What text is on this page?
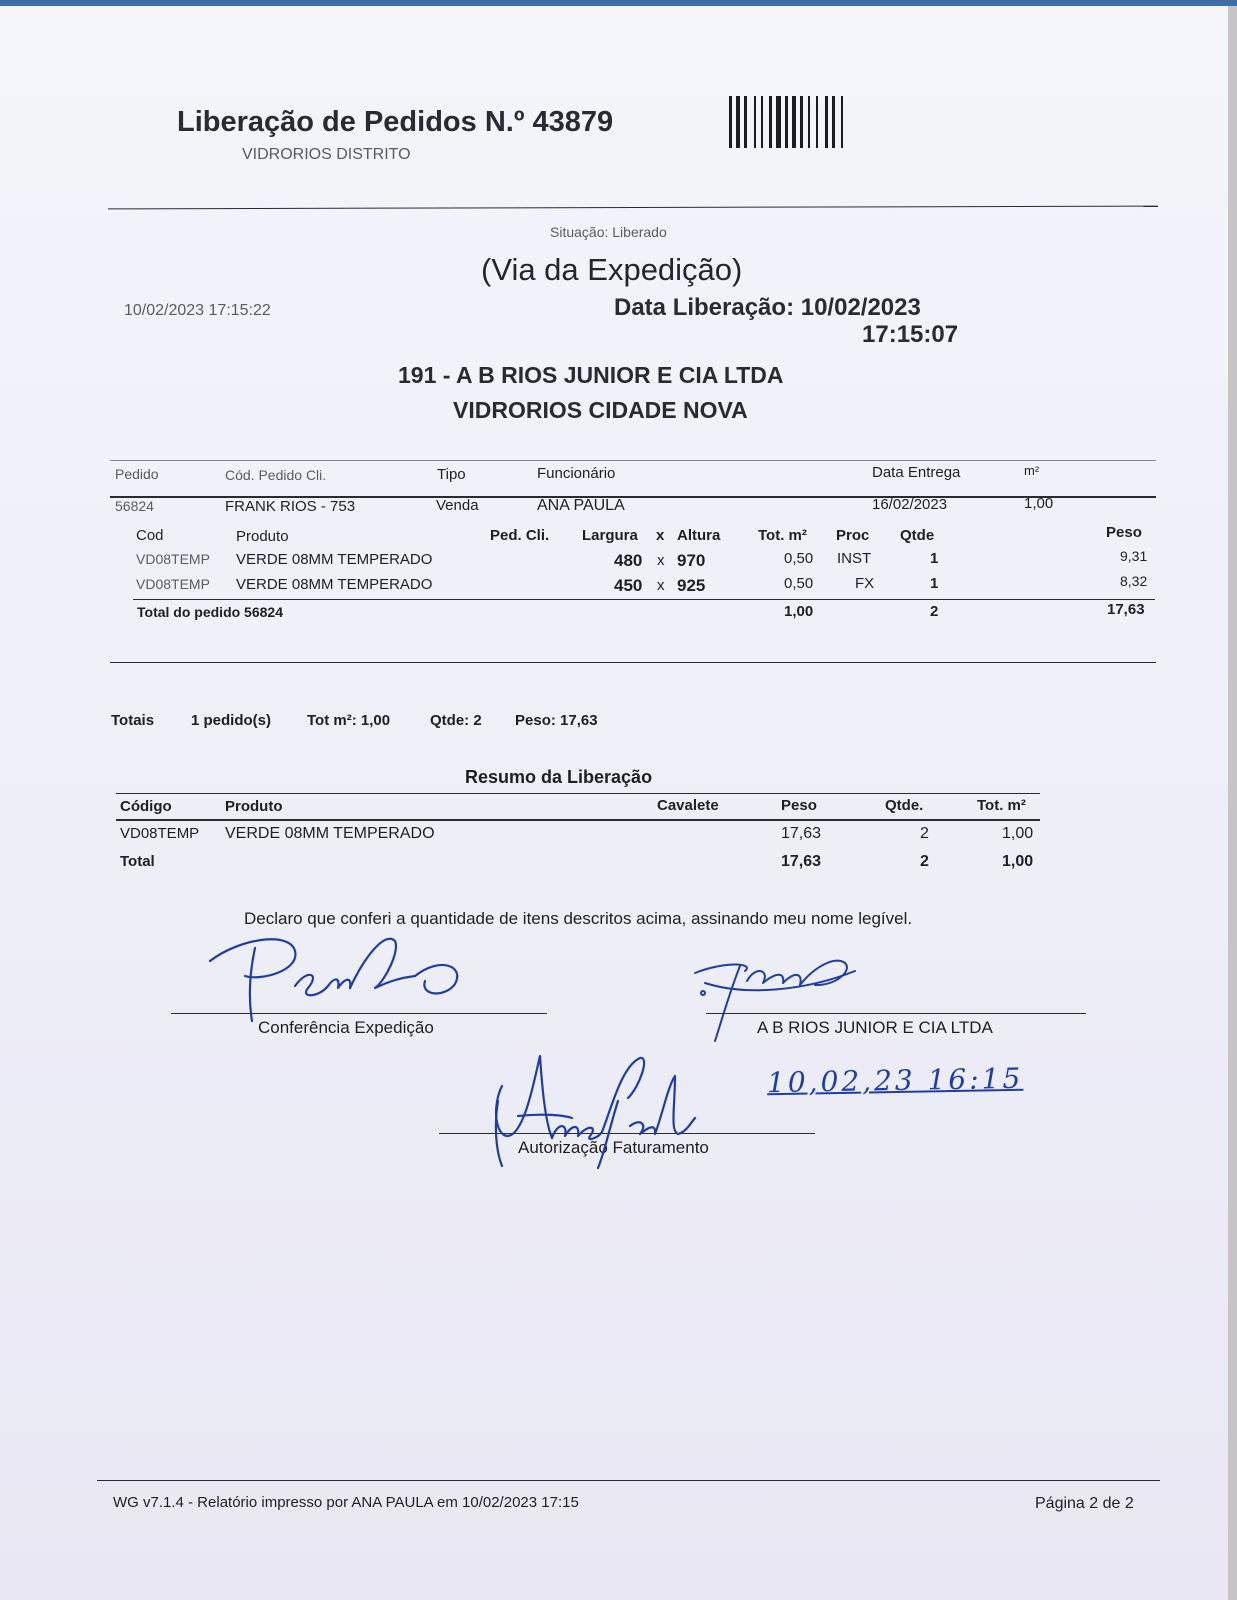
Liberação de Pedidos N.º 43879
VIDRORIOS DISTRITO
Situação: Liberado
(Via da Expedição)
10/02/2023 17:15:22	Data Liberação: 10/02/2023
17:15:07
191 - A B RIOS JUNIOR E CIA LTDA
VIDRORIOS CIDADE NOVA
Pedido	Cód. Pedido Cli.	Tipo	Funcionário	Data Entrega	m²
56824	FRANK RIOS - 753	Venda	ANA PAULA	16/02/2023	1,00
Cod	Produto	Ped. Cli. Largura x Altura	Tot. m² Proc Qtde	Peso
VD08TEMP VERDE 08MM TEMPERADO	480 x 970	0,50 INST	1	9,31
VD08TEMP VERDE 08MM TEMPERADO	450 x 925	0,50	FX	1	8,32
Total do pedido 56824	1,00	2	17,63
Totais 1 pedido(s) Tot m²: 1,00	Qtde: 2 Peso: 17,63
Resumo da Liberação
Código	Produto	Cavalete	Peso	Qtde.	Tot. m²
VD08TEMP VERDE 08MM TEMPERADO	17,63	2	1,00
Total	17,63	2	1,00
Declaro que conferi a quantidade de itens descritos acima, assinando meu nome legível.
Conferência Expedição	A B RIOS JUNIOR E CIA LTDA
Autorização Faturamento
10,02,23 16:15
WG v7.1.4 - Relatório impresso por ANA PAULA em 10/02/2023 17:15	Página 2 de 2
